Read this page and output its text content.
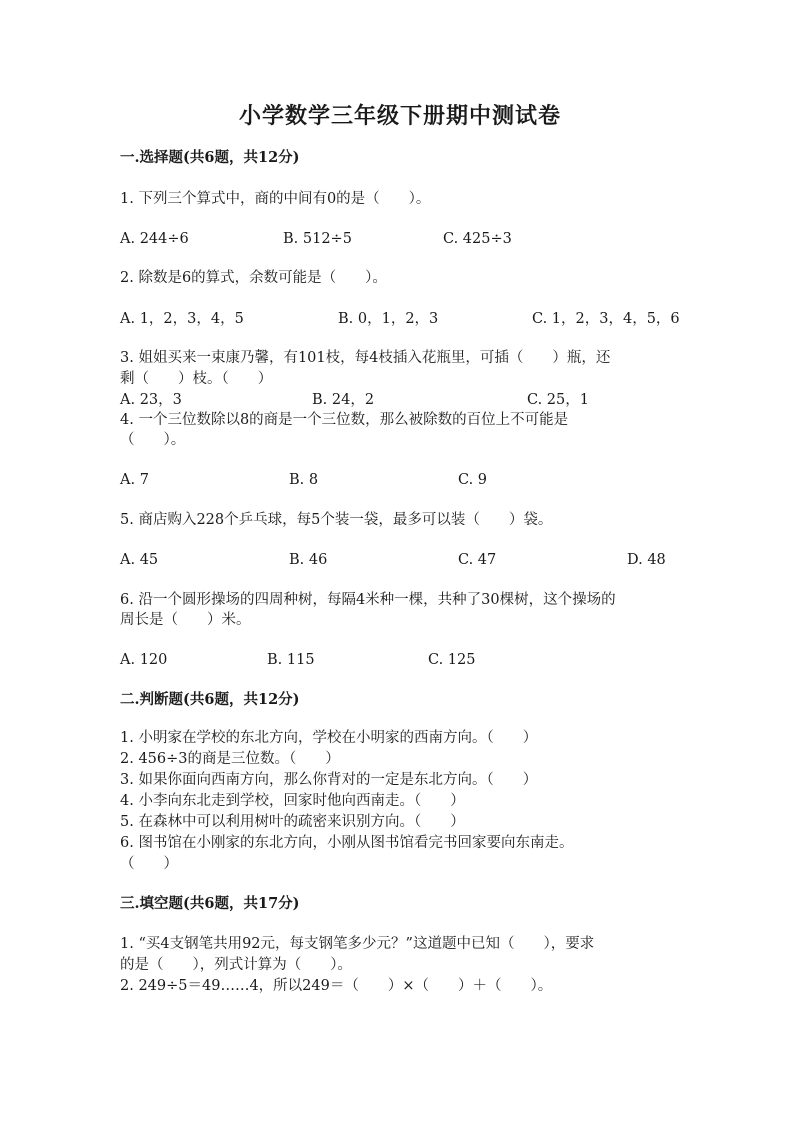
小学数学三年级下册期中测试卷
一.选择题(共6题，共12分)
1. 下列三个算式中，商的中间有0的是（　　）。
A. 244÷6	B. 512÷5	C. 425÷3
2. 除数是6的算式，余数可能是（　　）。
A. 1，2，3，4，5	B. 0，1，2，3	C. 1，2，3，4，5，6
3. 姐姐买来一束康乃馨，有101枝，每4枝插入花瓶里，可插（　　）瓶，还
剩（　　）枝。（　　）
A. 23，3	B. 24，2	C. 25，1
4. 一个三位数除以8的商是一个三位数，那么被除数的百位上不可能是
（　　）。
A. 7	B. 8	C. 9
5. 商店购入228个乒乓球，每5个装一袋，最多可以装（　　）袋。
A. 45	B. 46	C. 47	D. 48
6. 沿一个圆形操场的四周种树，每隔4米种一棵，共种了30棵树，这个操场的
周长是（　　）米。
A. 120	B. 115	C. 125
二.判断题(共6题，共12分)
1. 小明家在学校的东北方向，学校在小明家的西南方向。（　　）
2. 456÷3的商是三位数。（　　）
3. 如果你面向西南方向，那么你背对的一定是东北方向。（　　）
4. 小李向东北走到学校，回家时他向西南走。（　　）
5. 在森林中可以利用树叶的疏密来识别方向。（　　）
6. 图书馆在小刚家的东北方向，小刚从图书馆看完书回家要向东南走。
（　　）
三.填空题(共6题，共17分)
1. “买4支钢笔共用92元，每支钢笔多少元？”这道题中已知（　　），要求
的是（　　），列式计算为（　　）。
2. 249÷5＝49……4，所以249＝（　　）×（　　）＋（　　）。
